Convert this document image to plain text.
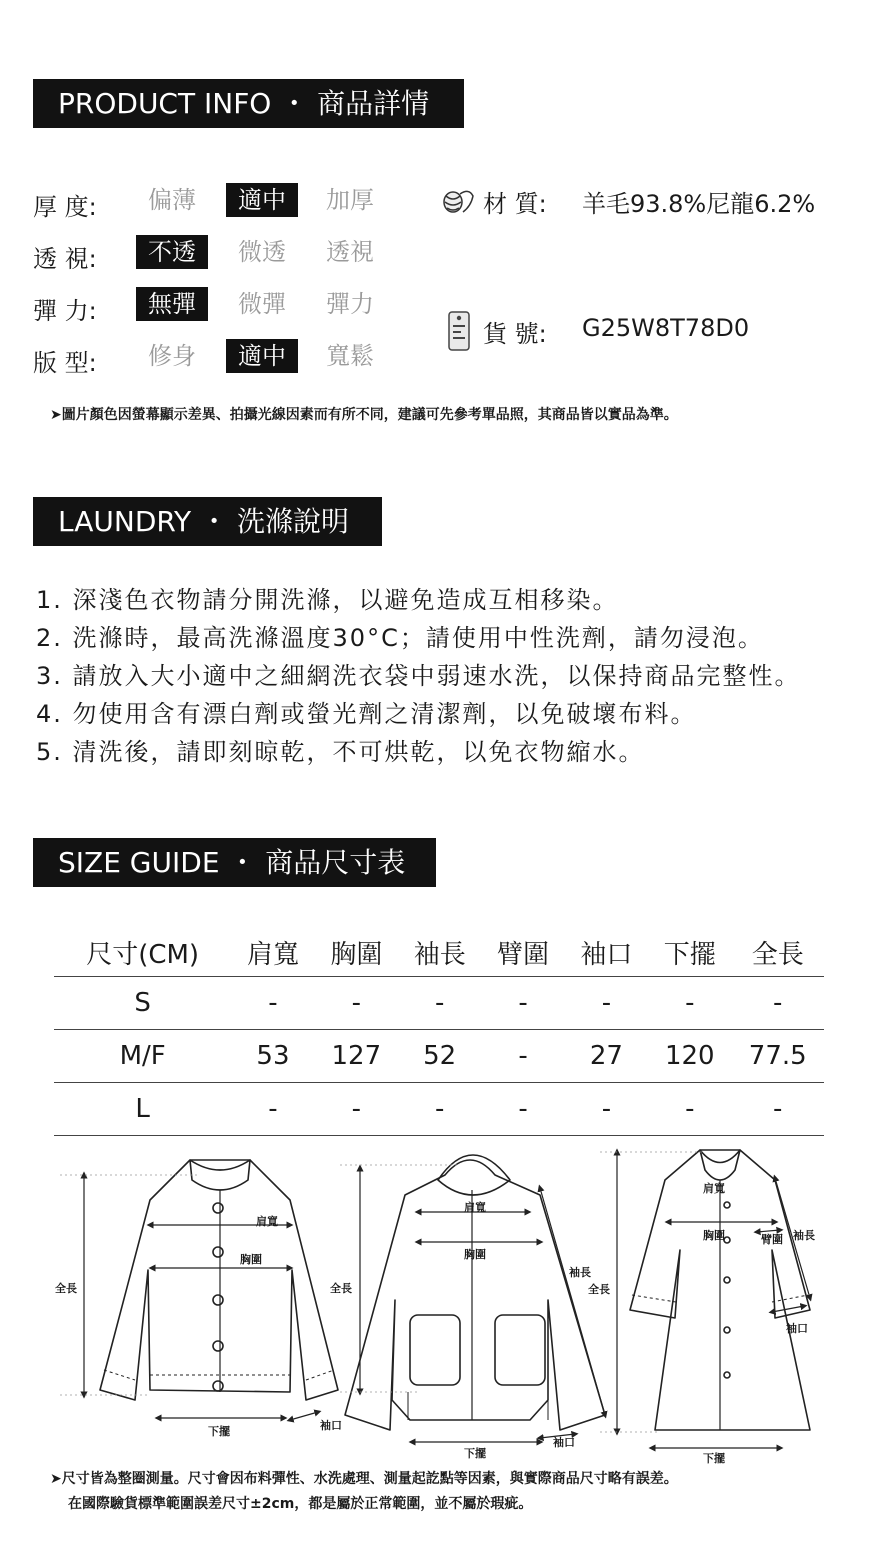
PRODUCT INFO ・ 商品詳情
厚 度:	偏薄	適中	加厚
透 視:	不透	微透	透視
彈 力:	無彈	微彈	彈力
版 型:	修身	適中	寬鬆
材 質: 羊毛93.8%尼龍6.2%
貨 號: G25W8T78D0
➤圖片顏色因螢幕顯示差異、拍攝光線因素而有所不同，建議可先參考單品照，其商品皆以實品為準。
LAUNDRY ・ 洗滌說明
1. 深淺色衣物請分開洗滌，以避免造成互相移染。
2. 洗滌時，最高洗滌溫度30°C；請使用中性洗劑，請勿浸泡。
3. 請放入大小適中之細網洗衣袋中弱速水洗，以保持商品完整性。
4. 勿使用含有漂白劑或螢光劑之清潔劑，以免破壞布料。
5. 清洗後，請即刻晾乾，不可烘乾，以免衣物縮水。
SIZE GUIDE ・ 商品尺寸表
尺寸(CM)	肩寬	胸圍	袖長	臂圍	袖口	下擺	全長
S	-	-	-	-	-	-	-
M/F	53	127	52	-	27	120	77.5
L	-	-	-	-	-	-	-
全長
肩寬
胸圍
下擺	袖口
全長
肩寬
胸圍
袖長
下擺
袖口
全長
肩寬
胸圍	臂圍 袖長
袖口
下擺
➤尺寸皆為整圈測量。尺寸會因布料彈性、水洗處理、測量起訖點等因素，與實際商品尺寸略有誤差。
在國際驗貨標準範圍誤差尺寸±2cm，都是屬於正常範圍，並不屬於瑕疵。
